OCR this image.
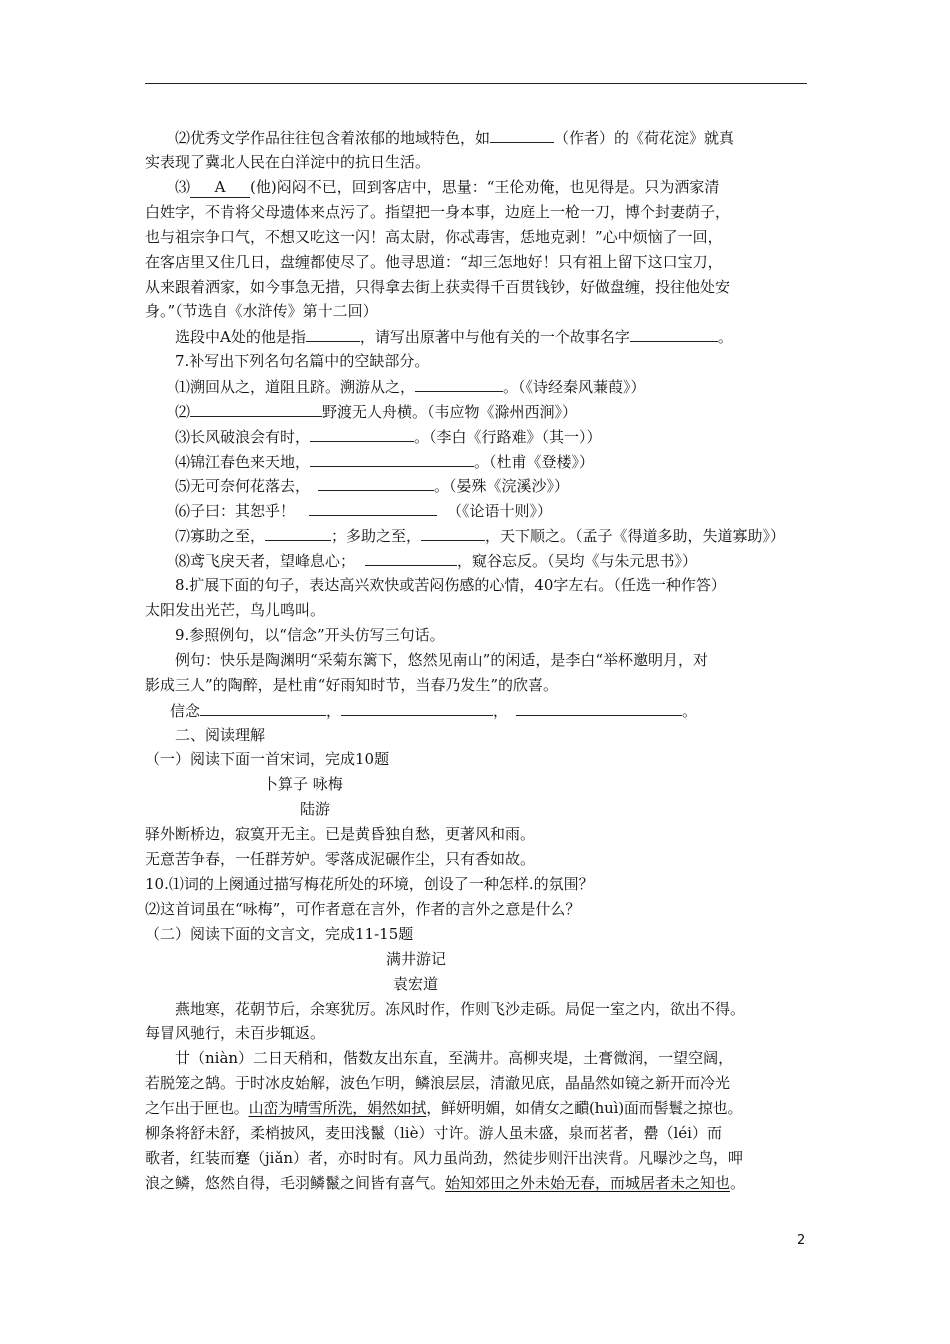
⑵优秀文学作品往往包含着浓郁的地域特色，如	（作者）的《荷花淀》就真
实表现了冀北人民在白洋淀中的抗日生活。
⑶ A (他)闷闷不已，回到客店中，思量：“王伦劝俺，也见得是。只为洒家清
白姓字，不肯将父母遗体来点污了。指望把一身本事，边庭上一枪一刀，博个封妻荫子，
也与祖宗争口气，不想又吃这一闪！高太尉，你忒毒害，恁地克剥！”心中烦恼了一回，
在客店里又住几日，盘缠都使尽了。他寻思道：“却三怎地好！只有祖上留下这口宝刀，
从来跟着洒家，如今事急无措，只得拿去街上获卖得千百贯钱钞，好做盘缠，投往他处安
身。”（节选自《水浒传》第十二回）
选段中A处的他是指	，请写出原著中与他有关的一个故事名字	。
7.补写出下列名句名篇中的空缺部分。
⑴溯回从之，道阻且跻。溯游从之，	。（《诗经秦风蒹葭》）
⑵	野渡无人舟横。（韦应物《滁州西涧》）
⑶长风破浪会有时，	。（李白《行路难》（其一））
⑷锦江春色来天地，	。（杜甫《登楼》）
⑸无可奈何花落去，	。（晏殊《浣溪沙》）
⑹子曰：其恕乎！	（《论语十则》）
⑺寡助之至，	；多助之至，	，天下顺之。（孟子《得道多助，失道寡助》）
⑻鸢飞戾天者，望峰息心；	，窥谷忘反。（吴均《与朱元思书》）
8.扩展下面的句子，表达高兴欢快或苦闷伤感的心情，40字左右。（任选一种作答）
太阳发出光芒，鸟儿鸣叫。
9.参照例句，以“信念”开头仿写三句话。
例句：快乐是陶渊明“采菊东篱下，悠然见南山”的闲适，是李白“举杯邀明月，对
影成三人”的陶醉，是杜甫“好雨知时节，当春乃发生”的欣喜。
信念	，	，	。
二、阅读理解
（一）阅读下面一首宋词，完成10题
卜算子 咏梅
陆游
驿外断桥边，寂寞开无主。已是黄昏独自愁，更著风和雨。
无意苦争春，一任群芳妒。零落成泥碾作尘，只有香如故。
10.⑴词的上阕通过描写梅花所处的环境，创设了一种怎样.的氛围？
⑵这首词虽在“咏梅”，可作者意在言外，作者的言外之意是什么？
（二）阅读下面的文言文，完成11-15题
满井游记
袁宏道
燕地寒，花朝节后，余寒犹厉。冻风时作，作则飞沙走砾。局促一室之内，欲出不得。
每冒风驰行，未百步辄返。
廿（niàn）二日天稍和，偕数友出东直，至满井。高柳夹堤，土膏微润，一望空阔，
若脱笼之鹄。于时冰皮始解，波色乍明，鳞浪层层，清澈见底，晶晶然如镜之新开而冷光
之乍出于匣也。山峦为晴雪所洗，娟然如拭，鲜妍明媚，如倩女之靧(huì)面而髻鬟之掠也。
柳条将舒未舒，柔梢披风，麦田浅鬣（liè）寸许。游人虽未盛，泉而茗者，罍（léi）而
歌者，红装而蹇（jiǎn）者，亦时时有。风力虽尚劲，然徒步则汗出浃背。凡曝沙之鸟，呷
浪之鳞，悠然自得，毛羽鳞鬣之间皆有喜气。始知郊田之外未始无春，而城居者未之知也。
2
